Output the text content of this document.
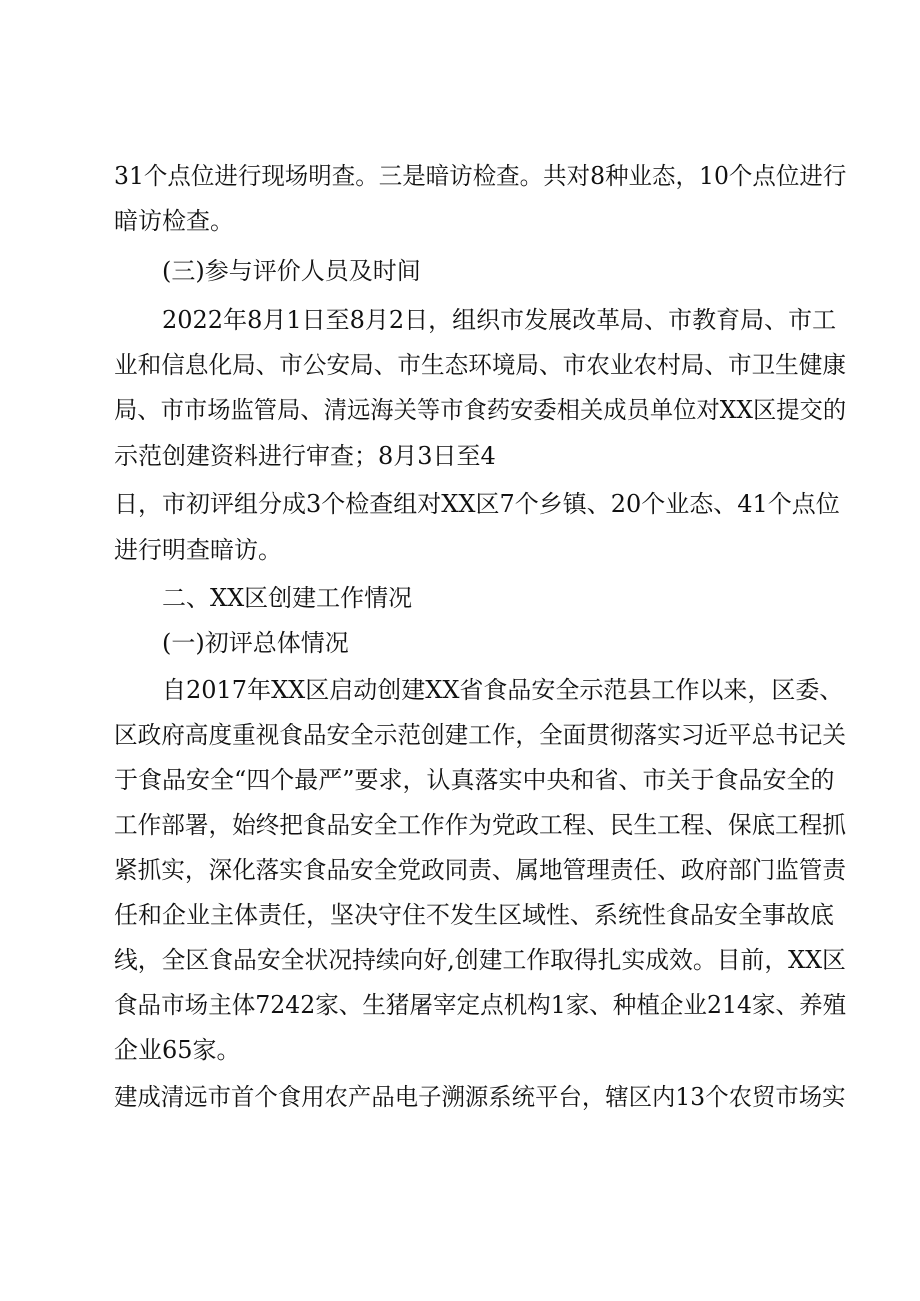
31个点位进行现场明查。三是暗访检查。共对8种业态，10个点位进行
暗访检查。
(三)参与评价人员及时间
2022年8月1日至8月2日，组织市发展改革局、市教育局、市工
业和信息化局、市公安局、市生态环境局、市农业农村局、市卫生健康
局、市市场监管局、清远海关等市食药安委相关成员单位对XX区提交的
示范创建资料进行审查；8月3日至4
日，市初评组分成3个检查组对XX区7个乡镇、20个业态、41个点位
进行明查暗访。
二、XX区创建工作情况
(一)初评总体情况
自2017年XX区启动创建XX省食品安全示范县工作以来，区委、
区政府高度重视食品安全示范创建工作，全面贯彻落实习近平总书记关
于食品安全“四个最严”要求，认真落实中央和省、市关于食品安全的
工作部署，始终把食品安全工作作为党政工程、民生工程、保底工程抓
紧抓实，深化落实食品安全党政同责、属地管理责任、政府部门监管责
任和企业主体责任，坚决守住不发生区域性、系统性食品安全事故底
线，全区食品安全状况持续向好,创建工作取得扎实成效。目前，XX区
食品市场主体7242家、生猪屠宰定点机构1家、种植企业214家、养殖
企业65家。
建成清远市首个食用农产品电子溯源系统平台，辖区内13个农贸市场实
